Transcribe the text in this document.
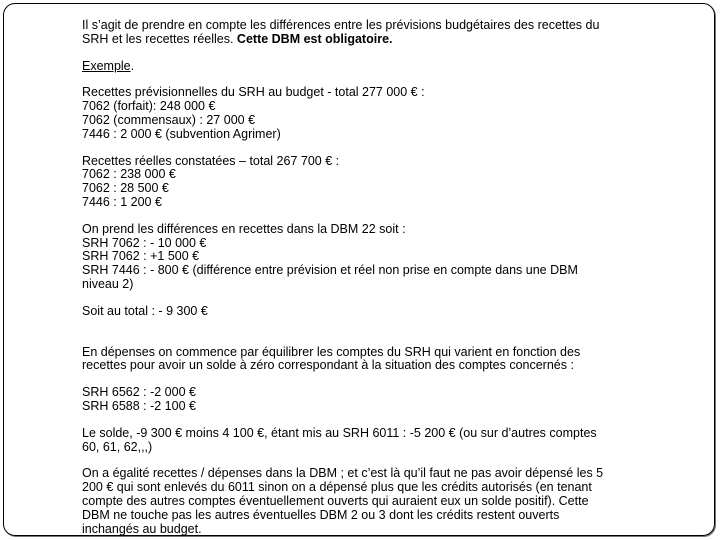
Il s’agit de prendre en compte les différences entre les prévisions budgétaires des recettes du
SRH et les recettes réelles. Cette DBM est obligatoire.

Exemple.

Recettes prévisionnelles du SRH au budget - total 277 000 € :
7062 (forfait): 248 000 €
7062 (commensaux) : 27 000 €
7446 : 2 000 € (subvention Agrimer)

Recettes réelles constatées – total 267 700 € :
7062 : 238 000 €
7062 : 28 500 €
7446 : 1 200 €

On prend les différences en recettes dans la DBM 22 soit :
SRH 7062 : - 10 000 €
SRH 7062 : +1 500 €
SRH 7446 : - 800 € (différence entre prévision et réel non prise en compte dans une DBM
niveau 2)

Soit au total : - 9 300 €

En dépenses on commence par équilibrer les comptes du SRH qui varient en fonction des
recettes pour avoir un solde à zéro correspondant à la situation des comptes concernés :

SRH 6562 : -2 000 €
SRH 6588 : -2 100 €

Le solde, -9 300 € moins 4 100 €, étant mis au SRH 6011 : -5 200 € (ou sur d’autres comptes
60, 61, 62,,,)

On a égalité recettes / dépenses dans la DBM ; et c’est là qu’il faut ne pas avoir dépensé les 5
200 € qui sont enlevés du 6011 sinon on a dépensé plus que les crédits autorisés (en tenant
compte des autres comptes éventuellement ouverts qui auraient eux un solde positif). Cette
DBM ne touche pas les autres éventuelles DBM 2 ou 3 dont les crédits restent ouverts
inchangés au budget.
